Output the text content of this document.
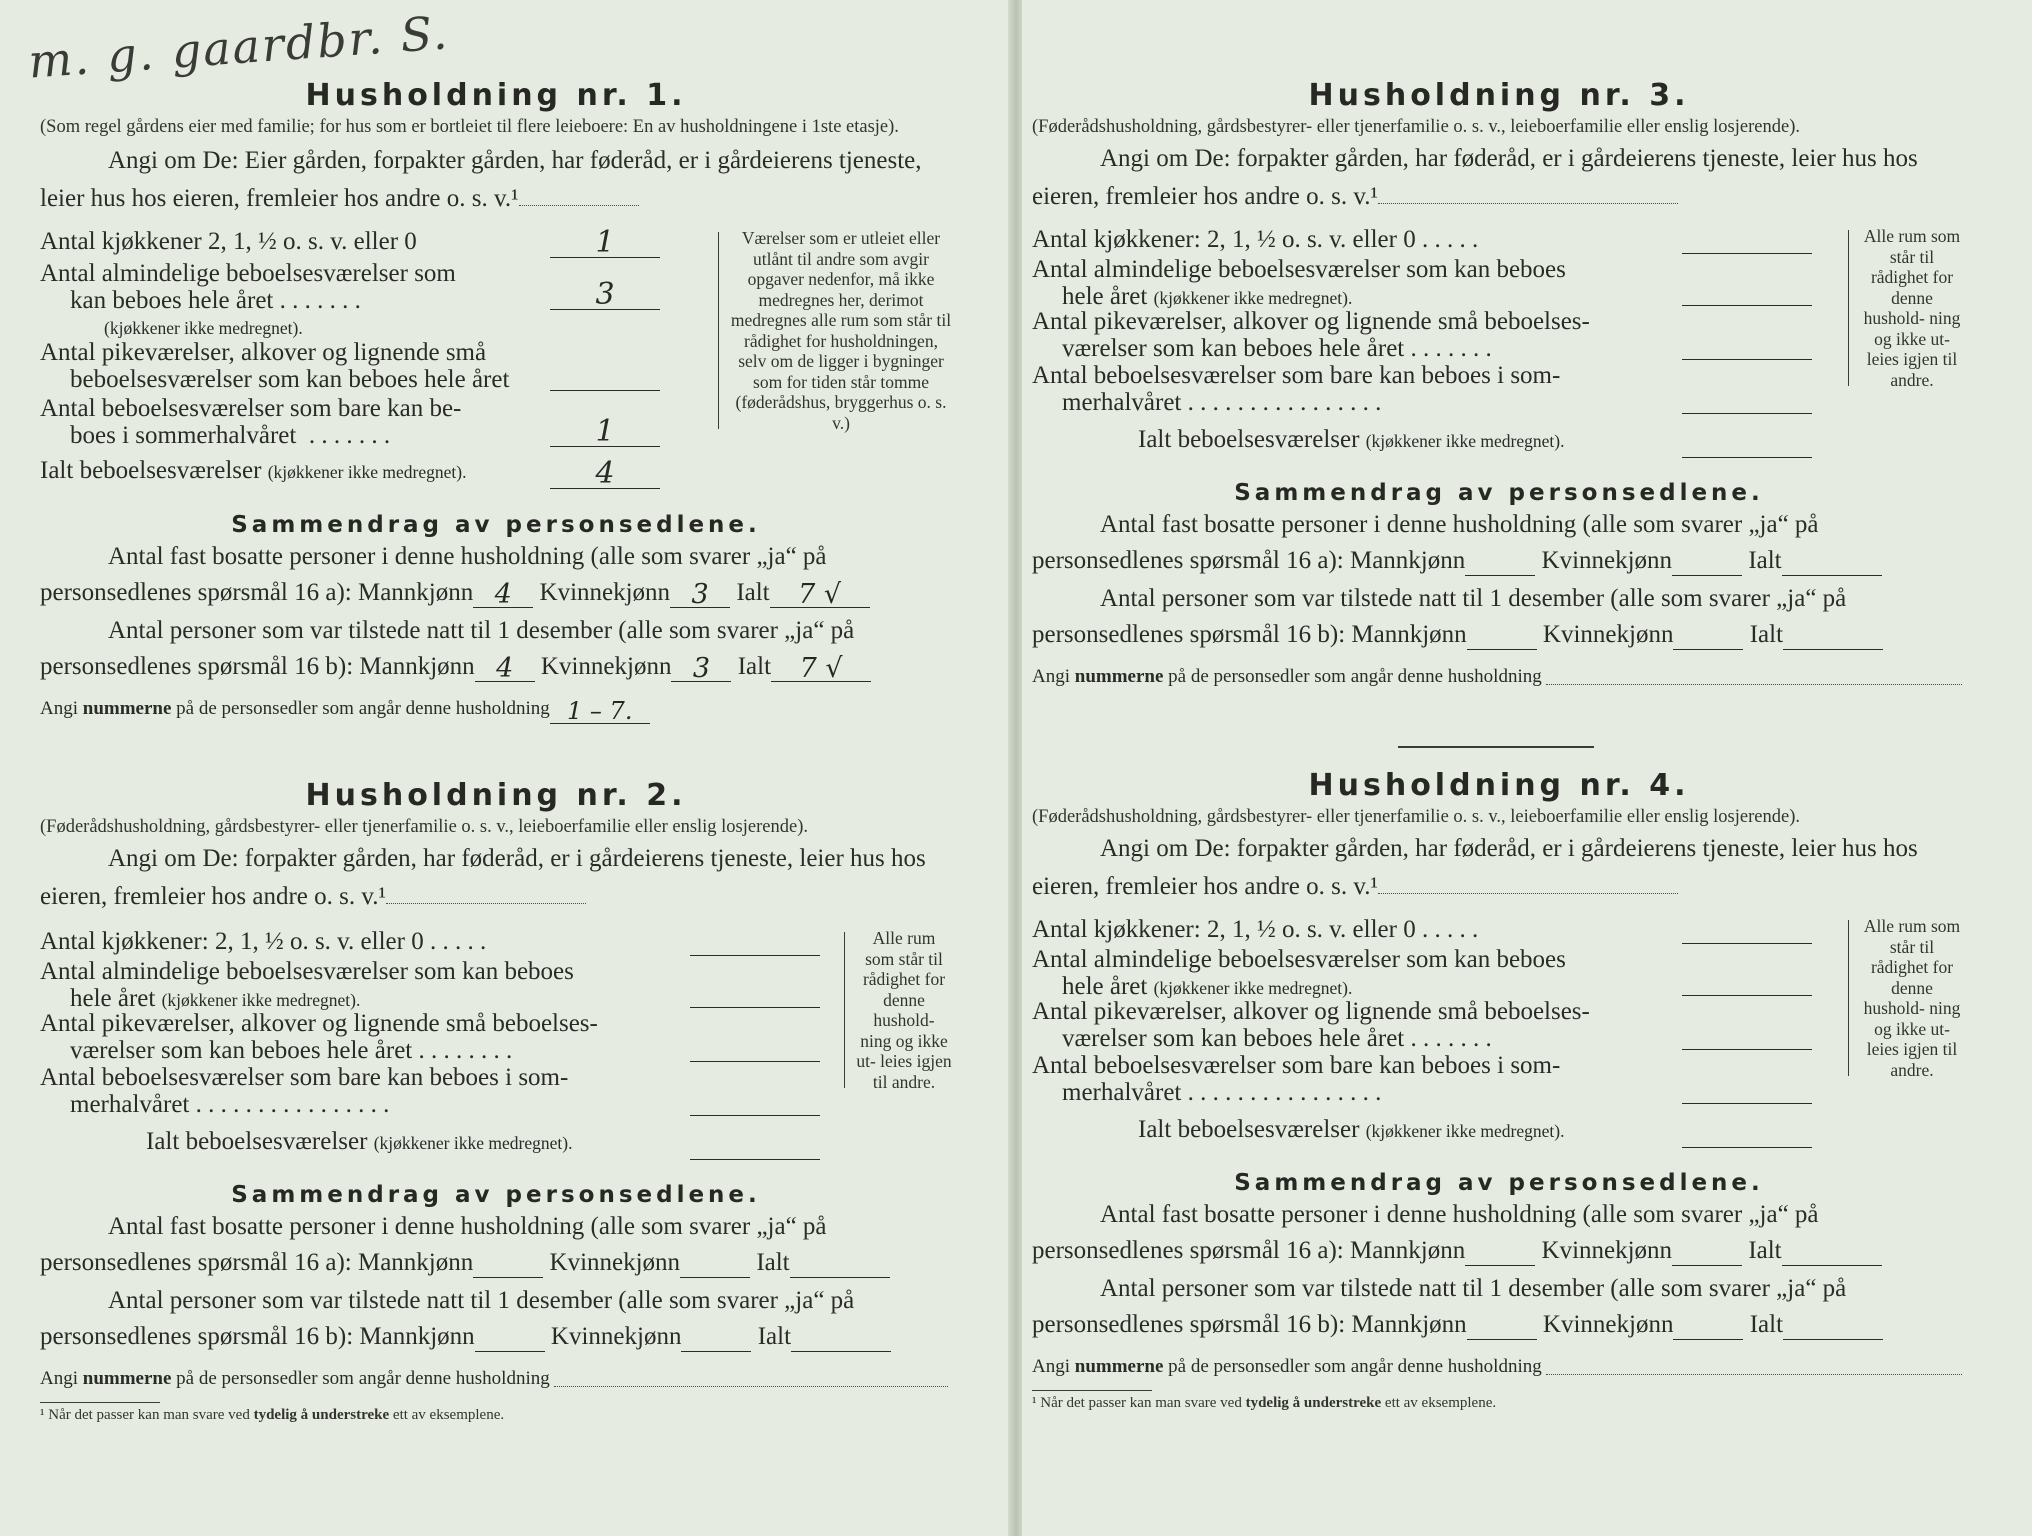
m. g. gaardbr. S.
Husholdning nr. 1.
(Som regel gårdens eier med familie; for hus som er bortleiet til flere leieboere: En av husholdningene i 1ste etasje).
Angi om De: Eier gården, forpakter gården, har føderåd, er i gårdeierens tjeneste, leier hus hos eieren, fremleier hos andre o. s. v.¹
Antal kjøkkener 2, 1, ½ o. s. v. eller 0	1
Antal almindelige beboelsesværelser som
kan beboes hele året . . . . . . .	3
(kjøkkener ikke medregnet).
Antal pikeværelser, alkover og lignende små
beboelsesværelser som kan beboes hele året
Antal beboelsesværelser som bare kan be-
boes i sommerhalvåret  . . . . . . .	1
Ialt beboelsesværelser (kjøkkener ikke medregnet).	4
Værelser som er utleiet eller utlånt til andre som avgir opgaver nedenfor, må ikke medregnes her, derimot medregnes alle rum som står til rådighet for husholdningen, selv om de ligger i bygninger som for tiden står tomme (føderådshus, bryggerhus o. s. v.)
Sammendrag av personsedlene.
Antal fast bosatte personer i denne husholdning (alle som svarer „ja“ på
personsedlenes spørsmål 16 a):
Mannkjønn 4
	Kvinnekjønn 3
	Ialt	7 √
Antal personer som var tilstede natt til 1 desember (alle som svarer „ja“ på
personsedlenes spørsmål 16 b):
Mannkjønn 4
	Kvinnekjønn 3
	Ialt	7 √
Angi
nummerne
på de personsedler som angår denne husholdning 1 – 7.
Husholdning nr. 2.
(Føderådshusholdning, gårdsbestyrer- eller tjenerfamilie o. s. v., leieboerfamilie eller enslig losjerende).
Angi om De: forpakter gården, har føderåd, er i gårdeierens tjeneste, leier hus hos eieren, fremleier hos andre o. s. v.¹
Antal kjøkkener: 2, 1, ½ o. s. v. eller 0 . . . . .
Antal almindelige beboelsesværelser som kan beboes
hele året (kjøkkener ikke medregnet).
Antal pikeværelser, alkover og lignende små beboelses-
værelser som kan beboes hele året . . . . . . . .
Antal beboelsesværelser som bare kan beboes i som-
merhalvåret . . . . . . . . . . . . . . . .
Ialt beboelsesværelser (kjøkkener ikke medregnet).
Alle rum som står til rådighet for denne hushold- ning og ikke ut- leies igjen til andre.
Sammendrag av personsedlene.
Antal fast bosatte personer i denne husholdning (alle som svarer „ja“ på
personsedlenes spørsmål 16 a):
Mannkjønn
	Kvinnekjønn
	Ialt
Antal personer som var tilstede natt til 1 desember (alle som svarer „ja“ på
personsedlenes spørsmål 16 b):
Mannkjønn
	Kvinnekjønn
	Ialt
Angi
nummerne
på de personsedler som angår denne husholdning
¹ Når det passer kan man svare ved tydelig å understreke ett av eksemplene.
Husholdning nr. 3.
(Føderådshusholdning, gårdsbestyrer- eller tjenerfamilie o. s. v., leieboerfamilie eller enslig losjerende).
Angi om De: forpakter gården, har føderåd, er i gårdeierens tjeneste, leier hus hos eieren, fremleier hos andre o. s. v.¹
Antal kjøkkener: 2, 1, ½ o. s. v. eller 0 . . . . .
Antal almindelige beboelsesværelser som kan beboes
hele året (kjøkkener ikke medregnet).
Antal pikeværelser, alkover og lignende små beboelses-
værelser som kan beboes hele året . . . . . . .
Antal beboelsesværelser som bare kan beboes i som-
merhalvåret . . . . . . . . . . . . . . . .
Ialt beboelsesværelser (kjøkkener ikke medregnet).
Alle rum som står til rådighet for denne hushold- ning og ikke ut- leies igjen til andre.
Sammendrag av personsedlene.
Antal fast bosatte personer i denne husholdning (alle som svarer „ja“ på
personsedlenes spørsmål 16 a):
Mannkjønn
	Kvinnekjønn
	Ialt
Antal personer som var tilstede natt til 1 desember (alle som svarer „ja“ på
personsedlenes spørsmål 16 b):
Mannkjønn
	Kvinnekjønn
	Ialt
Angi
nummerne
på de personsedler som angår denne husholdning
Husholdning nr. 4.
(Føderådshusholdning, gårdsbestyrer- eller tjenerfamilie o. s. v., leieboerfamilie eller enslig losjerende).
Angi om De: forpakter gården, har føderåd, er i gårdeierens tjeneste, leier hus hos eieren, fremleier hos andre o. s. v.¹
Antal kjøkkener: 2, 1, ½ o. s. v. eller 0 . . . . .
Antal almindelige beboelsesværelser som kan beboes
hele året (kjøkkener ikke medregnet).
Antal pikeværelser, alkover og lignende små beboelses-
værelser som kan beboes hele året . . . . . . .
Antal beboelsesværelser som bare kan beboes i som-
merhalvåret . . . . . . . . . . . . . . . .
Ialt beboelsesværelser (kjøkkener ikke medregnet).
Alle rum som står til rådighet for denne hushold- ning og ikke ut- leies igjen til andre.
Sammendrag av personsedlene.
Antal fast bosatte personer i denne husholdning (alle som svarer „ja“ på
personsedlenes spørsmål 16 a):
Mannkjønn
	Kvinnekjønn
	Ialt
Antal personer som var tilstede natt til 1 desember (alle som svarer „ja“ på
personsedlenes spørsmål 16 b):
Mannkjønn
	Kvinnekjønn
	Ialt
Angi
nummerne
på de personsedler som angår denne husholdning
¹ Når det passer kan man svare ved tydelig å understreke ett av eksemplene.
